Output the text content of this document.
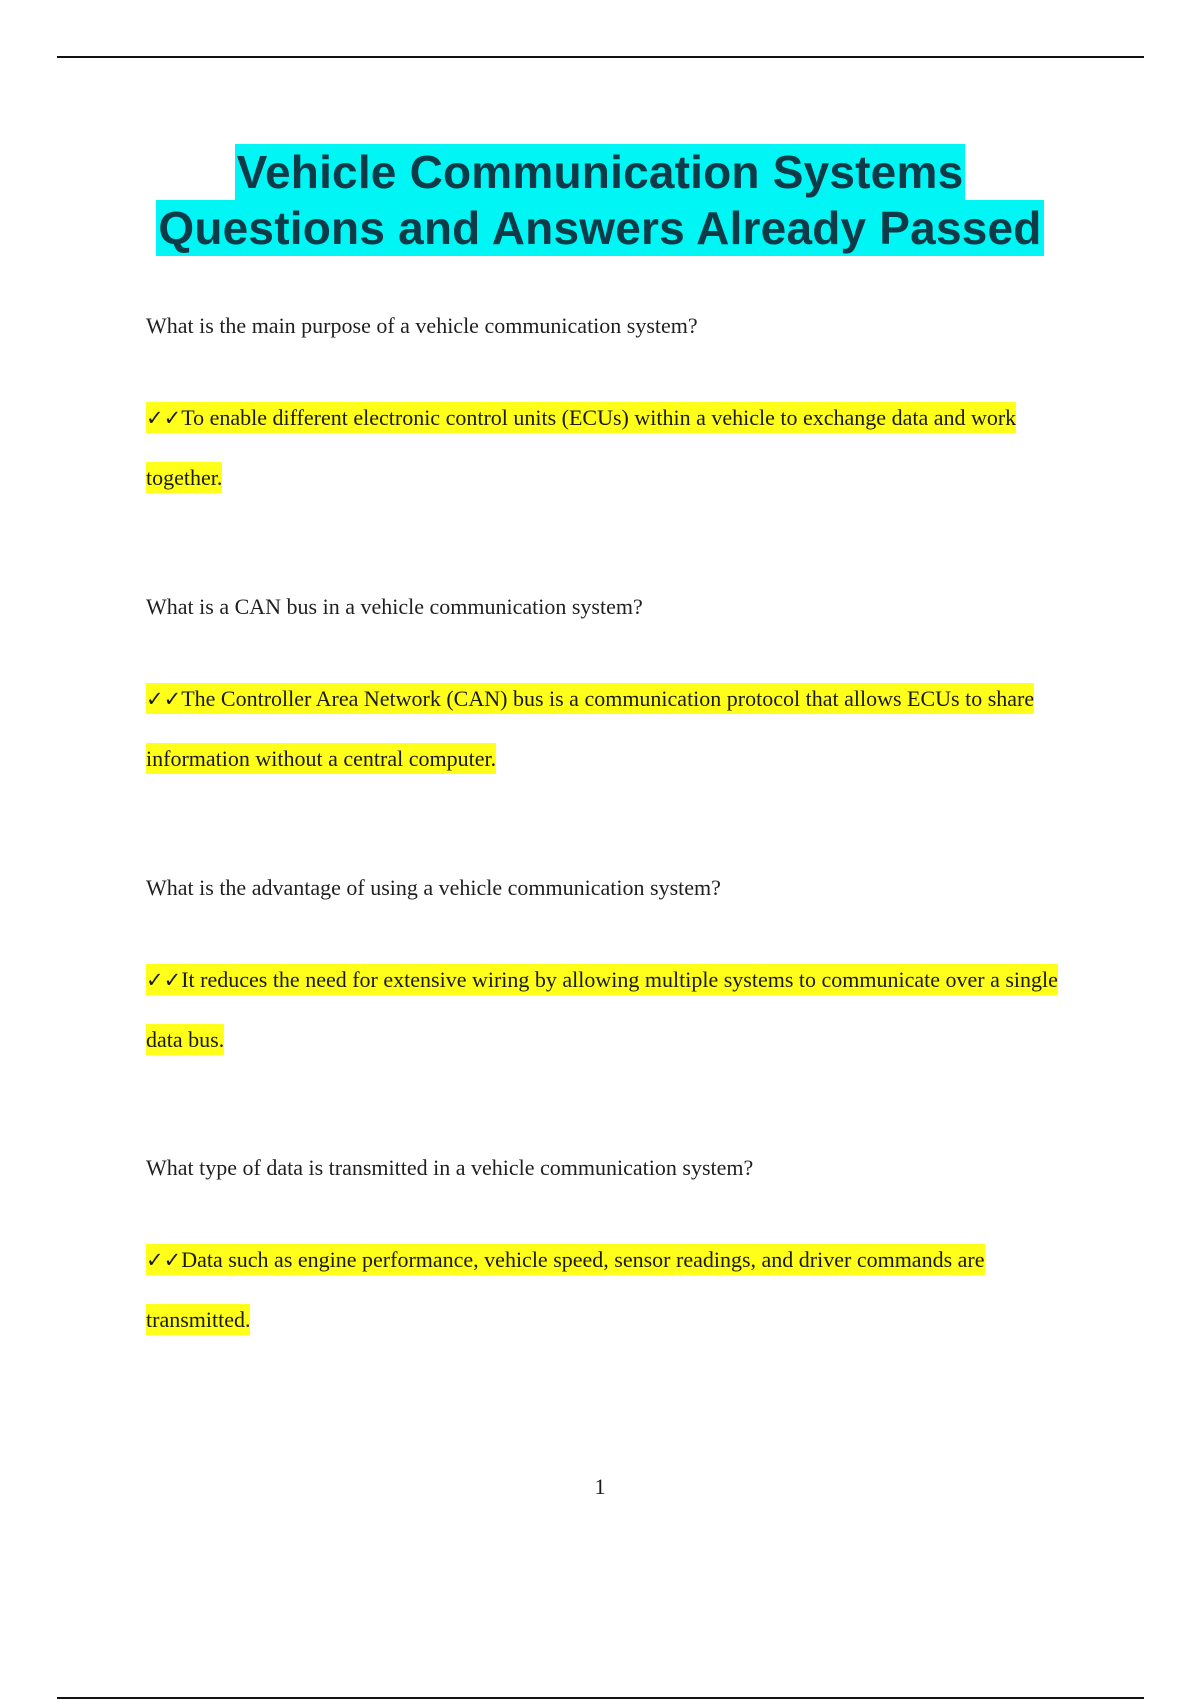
Vehicle Communication Systems
Questions and Answers Already Passed

What is the main purpose of a vehicle communication system?

✓✓To enable different electronic control units (ECUs) within a vehicle to exchange data and work together.

What is a CAN bus in a vehicle communication system?

✓✓The Controller Area Network (CAN) bus is a communication protocol that allows ECUs to share information without a central computer.

What is the advantage of using a vehicle communication system?

✓✓It reduces the need for extensive wiring by allowing multiple systems to communicate over a single data bus.

What type of data is transmitted in a vehicle communication system?

✓✓Data such as engine performance, vehicle speed, sensor readings, and driver commands are transmitted.

1
